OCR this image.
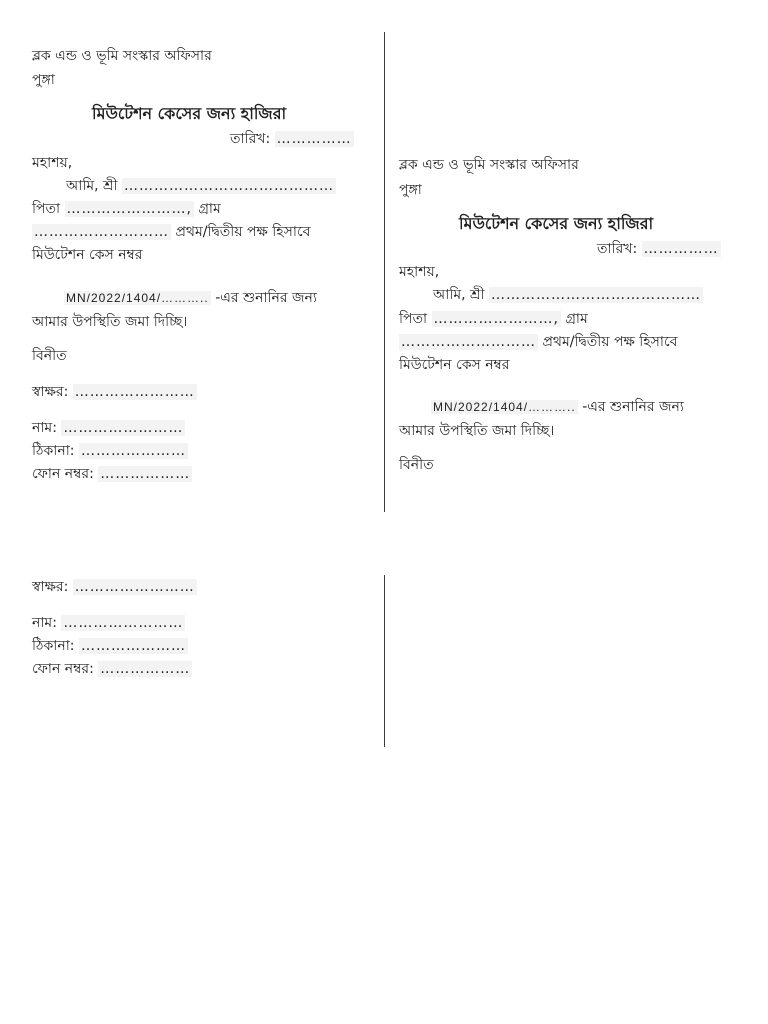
ব্লক এন্ড ও ভূমি সংস্কার অফিসার
পুঙ্গা
মিউটেশন কেসের জন্য হাজিরা
তারিখ: ……………
মহাশয়,
আমি, শ্রী ……………………………………
পিতা ……………………, গ্রাম
……………………… প্রথম/দ্বিতীয় পক্ষ হিসাবে
মিউটেশন কেস নম্বর
MN/2022/1404/……….. -এর শুনানির জন্য
আমার উপস্থিতি জমা দিচ্ছি।
বিনীত
স্বাক্ষর: ……………………
নাম: ……………………
ঠিকানা: …………………
ফোন নম্বর: ………………
ব্লক এন্ড ও ভূমি সংস্কার অফিসার
পুঙ্গা
মিউটেশন কেসের জন্য হাজিরা
তারিখ: ……………
মহাশয়,
আমি, শ্রী ……………………………………
পিতা ……………………, গ্রাম
……………………… প্রথম/দ্বিতীয় পক্ষ হিসাবে
মিউটেশন কেস নম্বর
MN/2022/1404/……….. -এর শুনানির জন্য
আমার উপস্থিতি জমা দিচ্ছি।
বিনীত
স্বাক্ষর: ……………………
নাম: ……………………
ঠিকানা: …………………
ফোন নম্বর: ………………
